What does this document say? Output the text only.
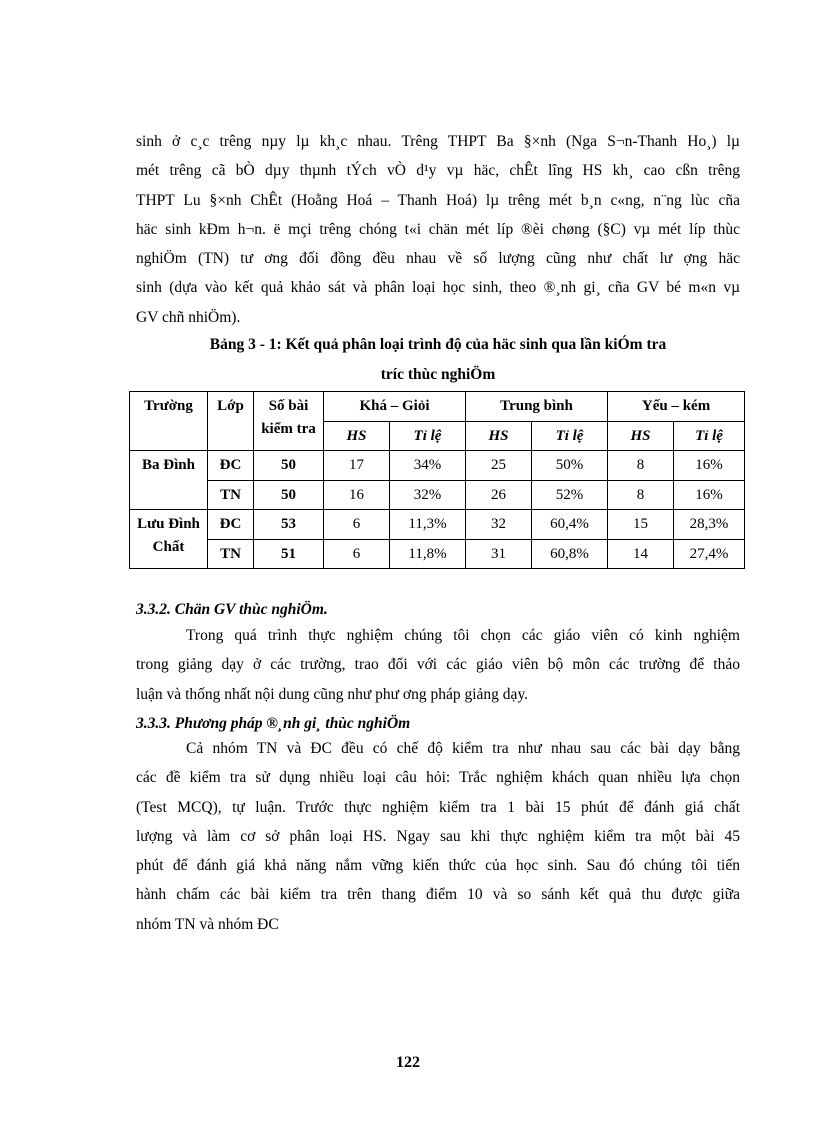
sinh ở c¸c trêng nµy lµ kh¸c nhau. Trêng THPT Ba §×nh (Nga S¬n-Thanh Ho¸) lµ
mét trêng cã bÒ dµy thµnh tÝch vÒ d¹y vµ häc, chÊt lîng HS kh¸ cao cßn trêng
THPT Lu §×nh ChÊt (Hoằng Hoá – Thanh Hoá) lµ trêng mét b¸n c«ng, n¨ng lùc cña
häc sinh kÐm h¬n. ë mçi trêng chóng t«i chän mét líp ®èi chøng (§C) vµ mét líp thùc
nghiÖm (TN) tư ơng đối đồng đều nhau về số lượng cũng như chất lư ợng häc
sinh (dựa vào kết quả khảo sát và phân loại học sinh, theo ®¸nh gi¸ cña GV bé m«n vµ
GV chñ nhiÖm).
Bảng 3 - 1: Kết quả phân loại trình độ của häc sinh qua lần kiÓm tra
tríc thùc nghiÖm
Trường	Lớp	Số bài kiểm tra	Khá – Giỏi		Trung bình		Yếu – kém	
			HS	Tỉ lệ	HS	Tỉ lệ	HS	Tỉ lệ
Ba Đình	ĐC	50	17	34%	25	50%	8	16%
	TN	50	16	32%	26	52%	8	16%
Lưu Đình Chất	ĐC	53	6	11,3%	32	60,4%	15	28,3%
	TN	51	6	11,8%	31	60,8%	14	27,4%
3.3.2. Chän GV thùc nghiÖm.
Trong quá trình thực nghiệm chúng tôi chọn các giáo viên có kinh nghiệm
trong giảng dạy ở các trường, trao đổi với các giáo viên bộ môn các trường để thảo
luận và thống nhất nội dung cũng như phư ơng pháp giảng dạy.
3.3.3. Phương pháp ®¸nh gi¸ thùc nghiÖm
Cả nhóm TN và ĐC đều có chế độ kiểm tra như nhau sau các bài dạy bằng
các đề kiểm tra sử dụng nhiều loại câu hỏi: Trắc nghiệm khách quan nhiều lựa chọn
(Test MCQ), tự luận. Trước thực nghiệm kiểm tra 1 bài 15 phút để đánh giá chất
lượng và làm cơ sở phân loại HS. Ngay sau khi thực nghiệm kiểm tra một bài 45
phút để đánh giá khả năng nắm vững kiến thức của học sinh. Sau đó chúng tôi tiến
hành chấm các bài kiểm tra trên thang điểm 10 và so sánh kết quả thu được giữa
nhóm TN và nhóm ĐC
122
